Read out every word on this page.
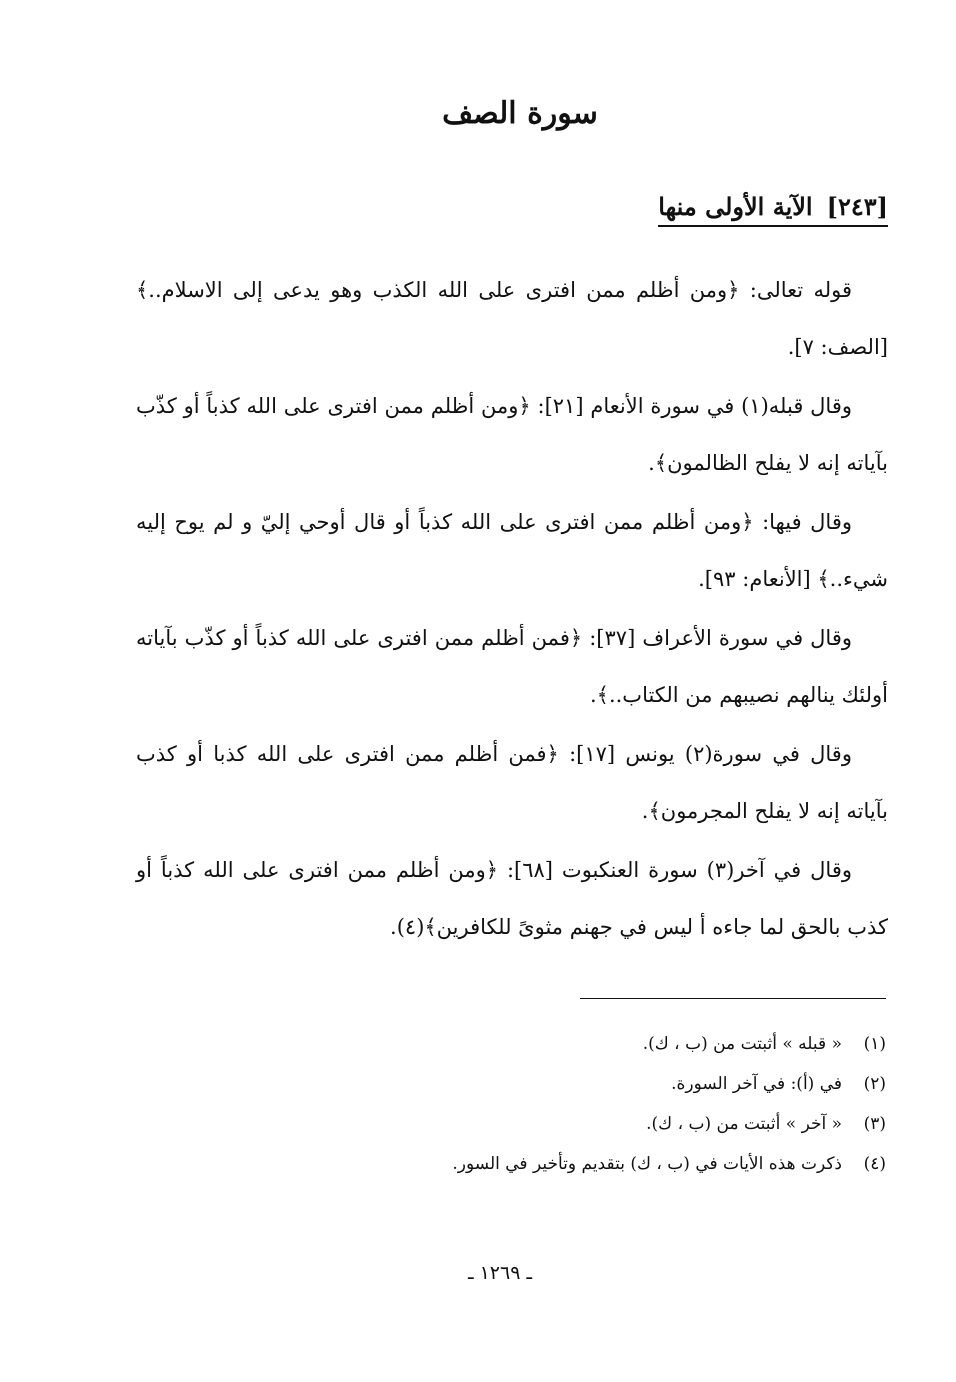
سورة الصف
[٢٤٣]الآية الأولى منها

قوله تعالى: ﴿ومن أظلم ممن افترى على الله الكذب وهو يدعى إلى الاسلام..﴾ [الصف: ٧].

وقال قبله(١) في سورة الأنعام [٢١]: ﴿ومن أظلم ممن افترى على الله كذباً أو كذّب بآياته إنه لا يفلح الظالمون﴾.

وقال فيها: ﴿ومن أظلم ممن افترى على الله كذباً أو قال أوحي إليّ و لم يوح إليه شيء..﴾ [الأنعام: ٩٣].

وقال في سورة الأعراف [٣٧]: ﴿فمن أظلم ممن افترى على الله كذباً أو كذّب بآياته أولئك ينالهم نصيبهم من الكتاب..﴾.

وقال في سورة(٢) يونس [١٧]: ﴿فمن أظلم ممن افترى على الله كذبا أو كذب بآياته إنه لا يفلح المجرمون﴾.

وقال في آخر(٣) سورة العنكبوت [٦٨]: ﴿ومن أظلم ممن افترى على الله كذباً أو كذب بالحق لما جاءه أ ليس في جهنم مثوىً للكافرين﴾(٤).

(١)« قبله » أثبتت من (ب ، ك).
(٢)في (أ): في آخر السورة.
(٣)« آخر » أثبتت من (ب ، ك).
(٤)ذكرت هذه الأيات في (ب ، ك) بتقديم وتأخير في السور.

ـ ١٢٦٩ ـ
